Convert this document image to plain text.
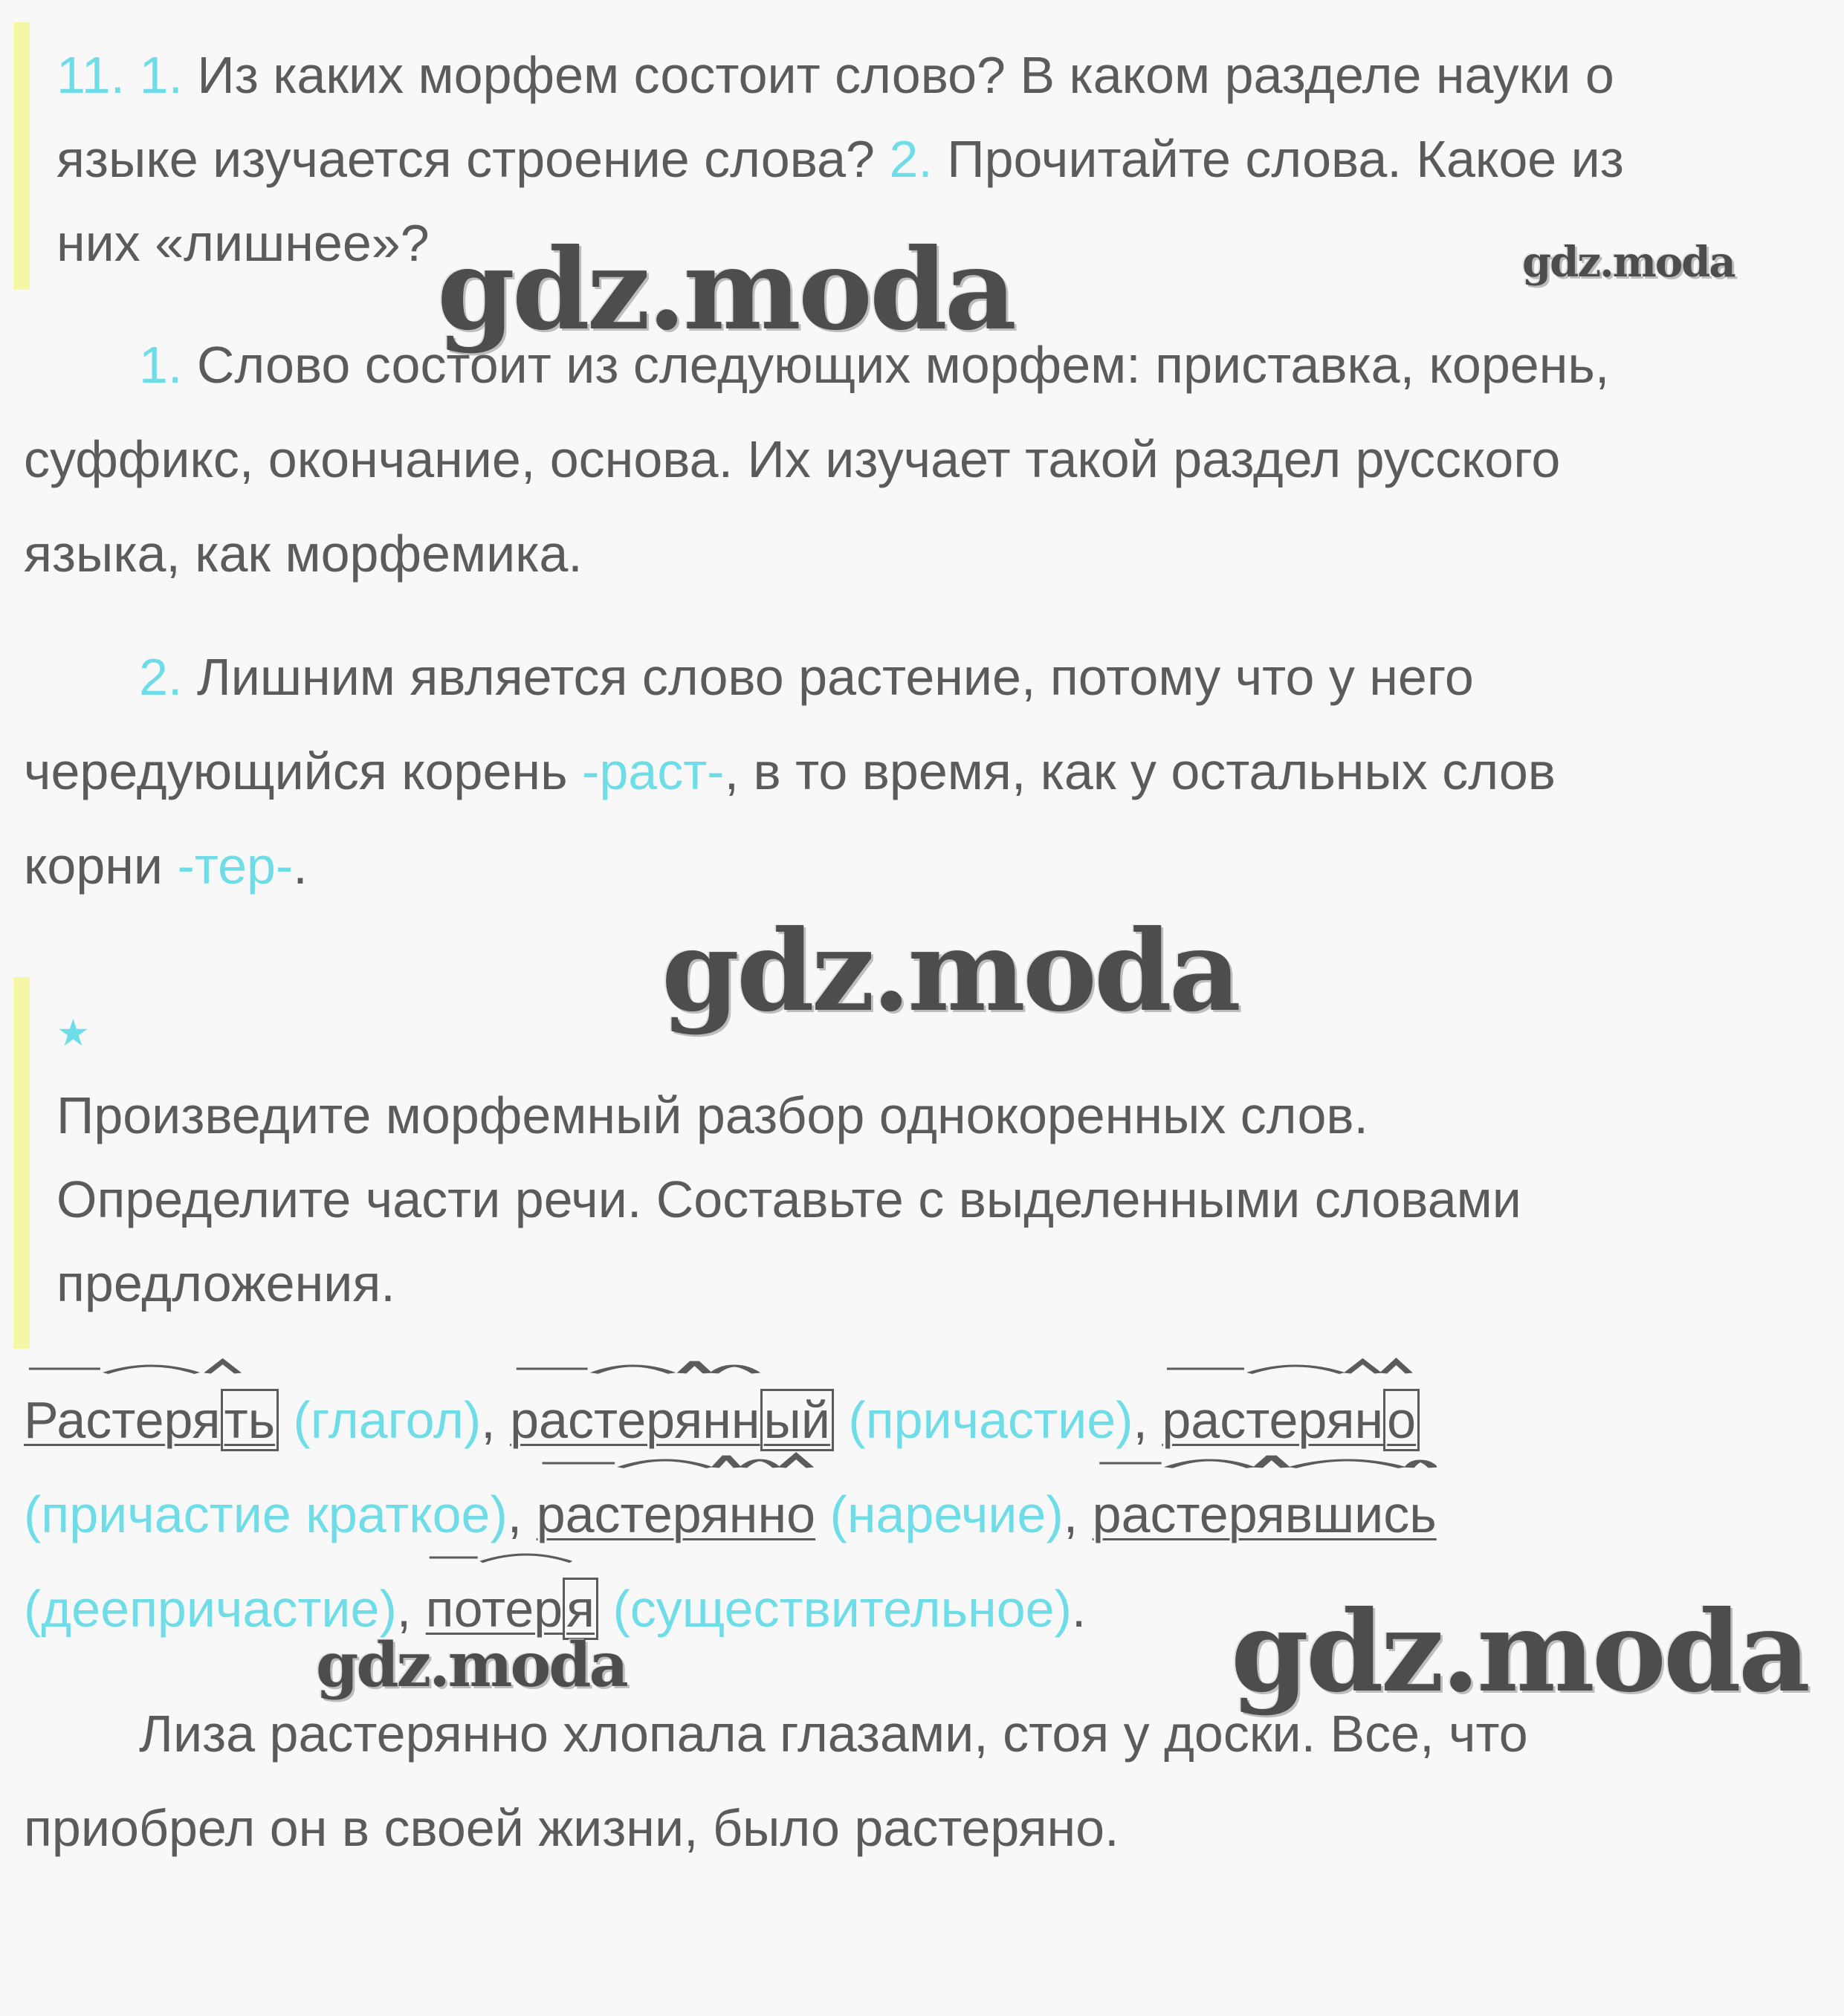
11. 1. Из каких морфем состоит слово? В каком разделе науки о
языке изучается строение слова? 2. Прочитайте слова. Какое из
них «лишнее»?
1. Слово состоит из следующих морфем: приставка, корень,
суффикс, окончание, основа. Их изучает такой раздел русского
языка, как морфемика.
2. Лишним является слово растение, потому что у него
чередующийся корень -раст-, в то время, как у остальных слов
корни -тер-.
★
Произведите морфемный разбор однокоренных слов.
Определите части речи. Составьте с выделенными словами
предложения.
Растерять (глагол),
растерянный (причастие),
растеряно
(причастие краткое),
растерянно (наречие),
растерявшись
(деепричастие),
потеря (существительное).
Лиза растерянно хлопала глазами, стоя у доски. Все, что
приобрел он в своей жизни, было растеряно.
gdz.moda	gdz.moda
gdz.moda
gdz.moda	gdz.moda
